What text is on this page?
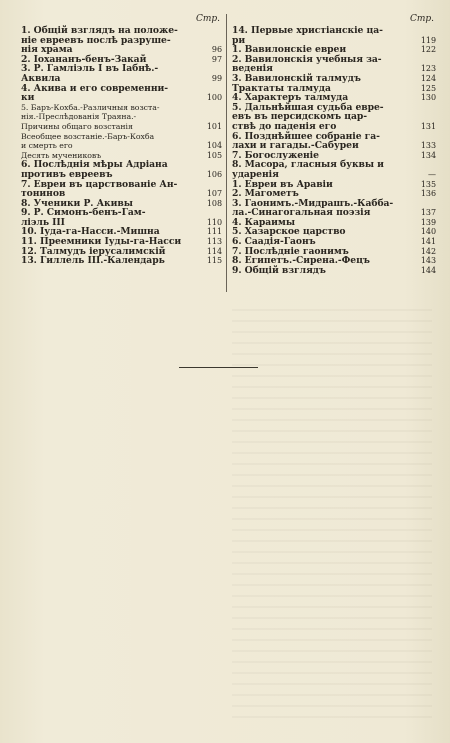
Стр.
1. Общій взглядъ на положе-
нiе евреевъ послѣ разруше-
нiя храма	96
2. Іохананъ-бенъ-Закай	97
3. Р. Гамліэль І въ Iабнѣ.-
Аквила	99
4. Акива и его современни-
ки	100
5. Баръ-Кохба.-Различныя возста-
нія.-Преслѣдованія Траяна.-
Причины общаго возстанія	101
Всеобщее возстаніе.-Баръ-Кохба
и смерть его	104
Десять мучениковъ	105
6. Послѣднія мѣры Адріана
противъ евреевъ	106
7. Евреи въ царствованіе Ан-
тонинов	107
8. Ученики Р. Акивы	108
9. Р. Симонъ-бенъ-Гам-
лiэль III	110
10. Іуда-га-Насси.-Мишна	111
11. Преемники Іуды-га-Насси	113
12. Талмудъ іерусалимскій	114
13. Гиллель III.-Календарь	115
Стр.
14. Первые христіанскіе ца-
ри	119
1. Вавилонскіе евреи	122
2. Вавилонскія учебныя за-
веденія	123
3. Вавилонскій талмудъ	124
Трактаты талмуда	125
4. Характеръ талмуда	130
5. Дальнѣйшая судьба евре-
евъ въ персидскомъ цар-
ствѣ до паденія его	131
6. Позднѣйшее собраніе га-
лахи и гагады.-Сабуреи	133
7. Богослуженіе	134
8. Масора, гласныя буквы и
ударенія	—
1. Евреи въ Аравіи	135
2. Магометъ	136
3. Гаонимъ.-Мидрашъ.-Кабба-
ла.-Синагогальная поэзія	137
4. Караимы	139
5. Хазарское царство	140
6. Саадія-Гаонъ	141
7. Послѣдніе гаонимъ	142
8. Египетъ.-Сирена.-Фецъ	143
9. Общій взглядъ	144
